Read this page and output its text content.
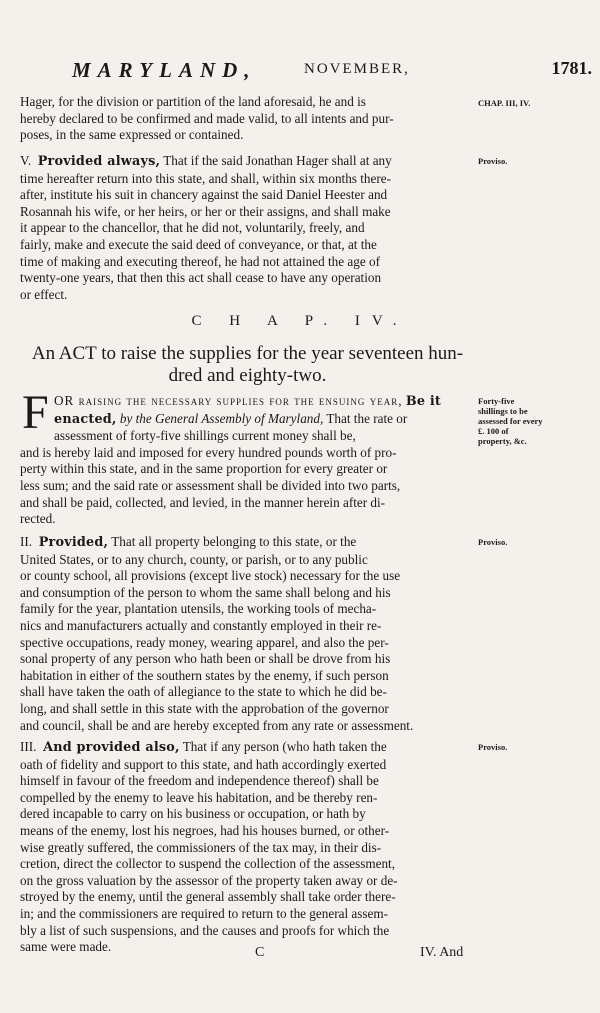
MARYLAND,	NOVEMBER,	1781.

Hager, for the division or partition of the land aforesaid, he and is
hereby declared to be confirmed and made valid, to all intents and pur-
poses, in the same expressed or contained.

CHAP. III, IV.

V. Provided always, That if the said Jonathan Hager shall at any
time hereafter return into this state, and shall, within six months there-
after, institute his suit in chancery against the said Daniel Heester and
Rosannah his wife, or her heirs, or her or their assigns, and shall make
it appear to the chancellor, that he did not, voluntarily, freely, and
fairly, make and execute the said deed of conveyance, or that, at the
time of making and executing thereof, he had not attained the age of
twenty-one years, that then this act shall cease to have any operation
or effect.

Proviso.
C H A P. IV.
An ACT to raise the supplies for the year seventeen hun-
dred and eighty-two.
F OR raising the necessary supplies for the ensuing year, Be it
enacted, by the General Assembly of Maryland, That the rate or
assessment of forty-five shillings current money shall be,
and is hereby laid and imposed for every hundred pounds worth of pro-
perty within this state, and in the same proportion for every greater or
less sum; and the said rate or assessment shall be divided into two parts,
and shall be paid, collected, and levied, in the manner herein after di-
rected.

Forty-five shillings to be assessed for every £. 100 of property, &c.

II. Provided, That all property belonging to this state, or the
United States, or to any church, county, or parish, or to any public
or county school, all provisions (except live stock) necessary for the use
and consumption of the person to whom the same shall belong and his
family for the year, plantation utensils, the working tools of mecha-
nics and manufacturers actually and constantly employed in their re-
spective occupations, ready money, wearing apparel, and also the per-
sonal property of any person who hath been or shall be drove from his
habitation in either of the southern states by the enemy, if such person
shall have taken the oath of allegiance to the state to which he did be-
long, and shall settle in this state with the approbation of the governor
and council, shall be and are hereby excepted from any rate or assessment.

Proviso.

III. And provided also, That if any person (who hath taken the
oath of fidelity and support to this state, and hath accordingly exerted
himself in favour of the freedom and independence thereof) shall be
compelled by the enemy to leave his habitation, and be thereby ren-
dered incapable to carry on his business or occupation, or hath by
means of the enemy, lost his negroes, had his houses burned, or other-
wise greatly suffered, the commissioners of the tax may, in their dis-
cretion, direct the collector to suspend the collection of the assessment,
on the gross valuation by the assessor of the property taken away or de-
stroyed by the enemy, until the general assembly shall take order there-
in; and the commissioners are required to return to the general assem-
bly a list of such suspensions, and the causes and proofs for which the
same were made.

Proviso.
C	IV. And
